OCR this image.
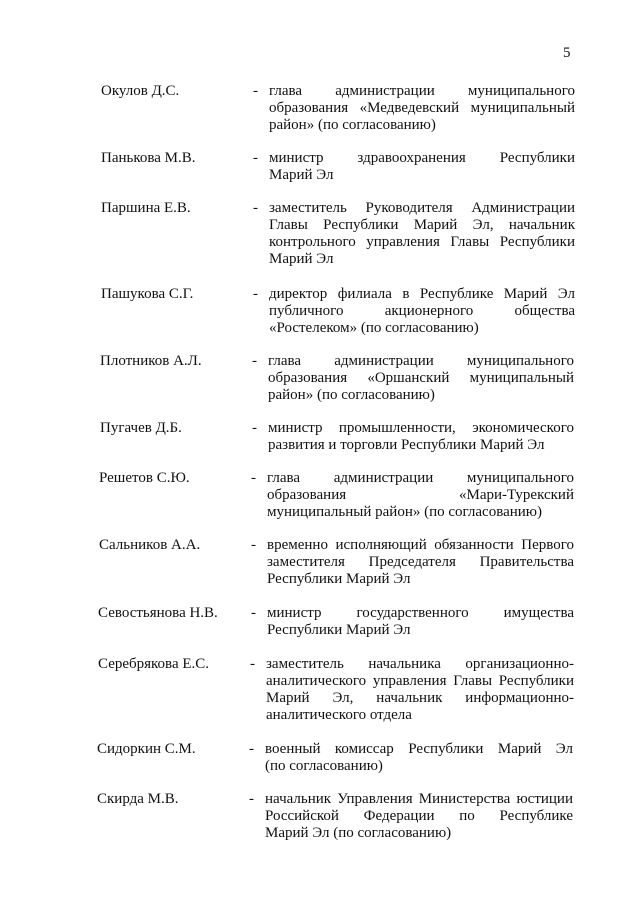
5
Окулов Д.С.	- глава администрации муниципального
образования «Медведевский муниципальный
район» (по согласованию)
Панькова М.В.	- министр здравоохранения Республики
Марий Эл
Паршина Е.В.	- заместитель Руководителя Администрации
Главы Республики Марий Эл, начальник
контрольного управления Главы Республики
Марий Эл
Пашукова С.Г.	- директор филиала в Республике Марий Эл
публичного акционерного общества
«Ростелеком» (по согласованию)
Плотников А.Л.	- глава администрации муниципального
образования «Оршанский муниципальный
район» (по согласованию)
Пугачев Д.Б.	- министр промышленности, экономического
развития и торговли Республики Марий Эл
Решетов С.Ю.	- глава администрации муниципального
образования «Мари-Турекский
муниципальный район» (по согласованию)
Сальников А.А.	- временно исполняющий обязанности Первого
заместителя Председателя Правительства
Республики Марий Эл
Севостьянова Н.В. - министр государственного имущества
Республики Марий Эл
Серебрякова Е.С.	- заместитель начальника организационно-
аналитического управления Главы Республики
Марий Эл, начальник информационно-
аналитического отдела
Сидоркин С.М.	- военный комиссар Республики Марий Эл
(по согласованию)
Скирда М.В.	- начальник Управления Министерства юстиции
Российской Федерации по Республике
Марий Эл (по согласованию)
